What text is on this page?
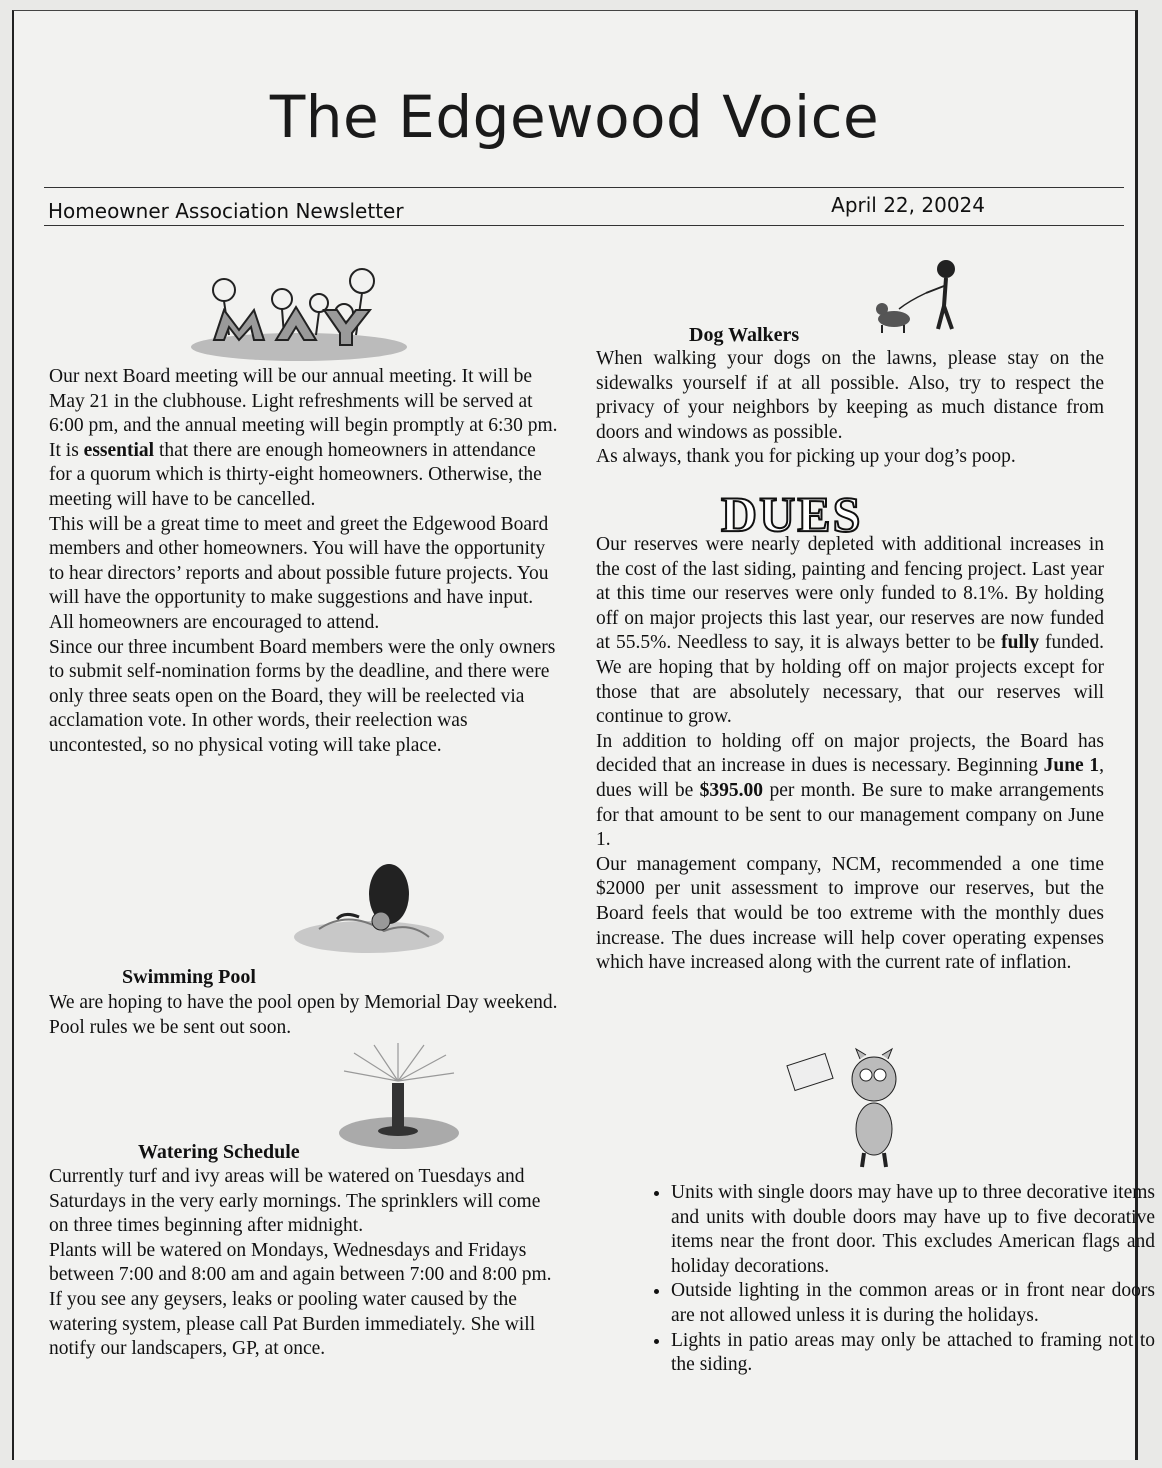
The Edgewood Voice
Homeowner Association Newsletter	April 22, 20024

Our next Board meeting will be our annual meeting. It will be May 21 in the clubhouse. Light refreshments will be served at 6:00 pm, and the annual meeting will begin promptly at 6:30 pm.

It is essential that there are enough homeowners in attendance for a quorum which is thirty-eight homeowners. Otherwise, the meeting will have to be cancelled.

This will be a great time to meet and greet the Edgewood Board members and other homeowners. You will have the opportunity to hear directors’ reports and about possible future projects. You will have the opportunity to make suggestions and have input. All homeowners are encouraged to attend.

Since our three incumbent Board members were the only owners to submit self-nomination forms by the deadline, and there were only three seats open on the Board, they will be reelected via acclamation vote. In other words, their reelection was uncontested, so no physical voting will take place.

Swimming Pool
We are hoping to have the pool open by Memorial Day weekend. Pool rules we be sent out soon.
Watering Schedule

Currently turf and ivy areas will be watered on Tuesdays and Saturdays in the very early mornings. The sprinklers will come on three times beginning after midnight.

Plants will be watered on Mondays, Wednesdays and Fridays between 7:00 and 8:00 am and again between 7:00 and 8:00 pm.

If you see any geysers, leaks or pooling water caused by the watering system, please call Pat Burden immediately. She will notify our landscapers, GP, at once.

Dog Walkers

When walking your dogs on the lawns, please stay on the sidewalks yourself if at all possible. Also, try to respect the privacy of your neighbors by keeping as much distance from doors and windows as possible.

As always, thank you for picking up your dog’s poop.

DUES

Our reserves were nearly depleted with additional increases in the cost of the last siding, painting and fencing project. Last year at this time our reserves were only funded to 8.1%. By holding off on major projects this last year, our reserves are now funded at 55.5%. Needless to say, it is always better to be fully funded. We are hoping that by holding off on major projects except for those that are absolutely necessary, that our reserves will continue to grow.

In addition to holding off on major projects, the Board has decided that an increase in dues is necessary. Beginning June 1, dues will be $395.00 per month. Be sure to make arrangements for that amount to be sent to our management company on June 1.

Our management company, NCM, recommended a one time $2000 per unit assessment to improve our reserves, but the Board feels that would be too extreme with the monthly dues increase. The dues increase will help cover operating expenses which have increased along with the current rate of inflation.

• Units with single doors may have up to three decorative items and units with double doors may have up to five decorative items near the front door. This excludes American flags and holiday decorations.
• Outside lighting in the common areas or in front near doors are not allowed unless it is during the holidays.
• Lights in patio areas may only be attached to framing not to the siding.
